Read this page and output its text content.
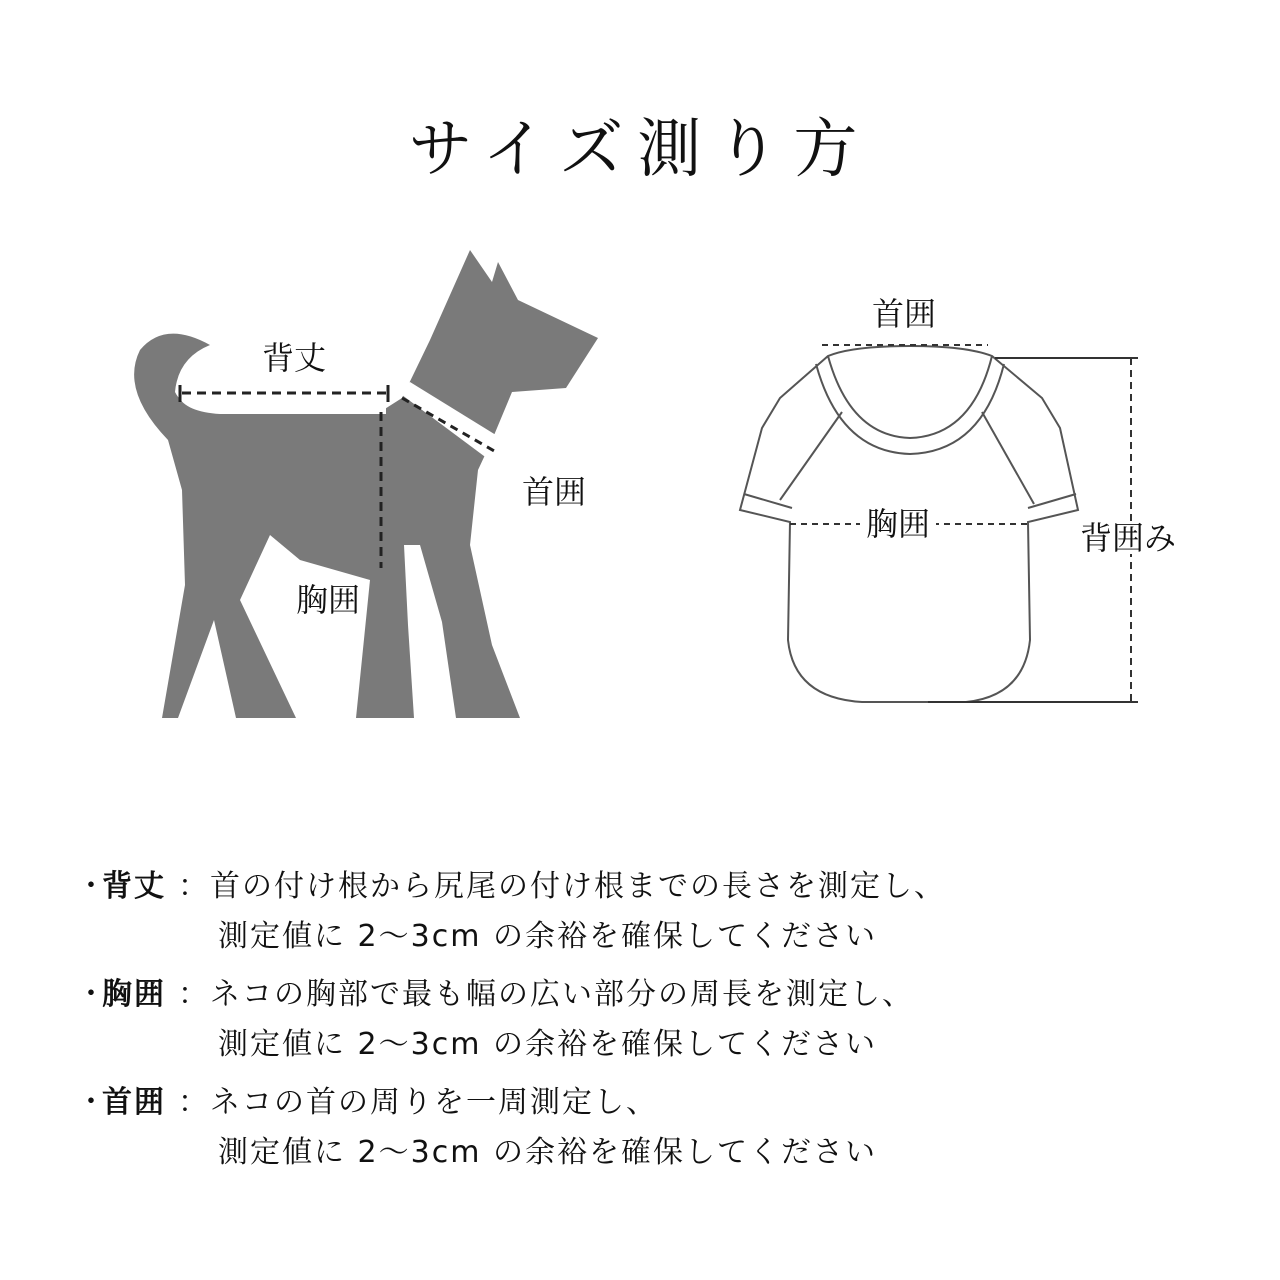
サイズ測り方
背丈
首囲
胸囲
首囲
胸囲	背囲み
・
背丈 ： 首の付け根から尻尾の付け根までの長さを測定し、
測定値に 2〜3cm の余裕を確保してください
・
胸囲 ： ネコの胸部で最も幅の広い部分の周長を測定し、
測定値に 2〜3cm の余裕を確保してください
・
首囲 ： ネコの首の周りを一周測定し、
測定値に 2〜3cm の余裕を確保してください
